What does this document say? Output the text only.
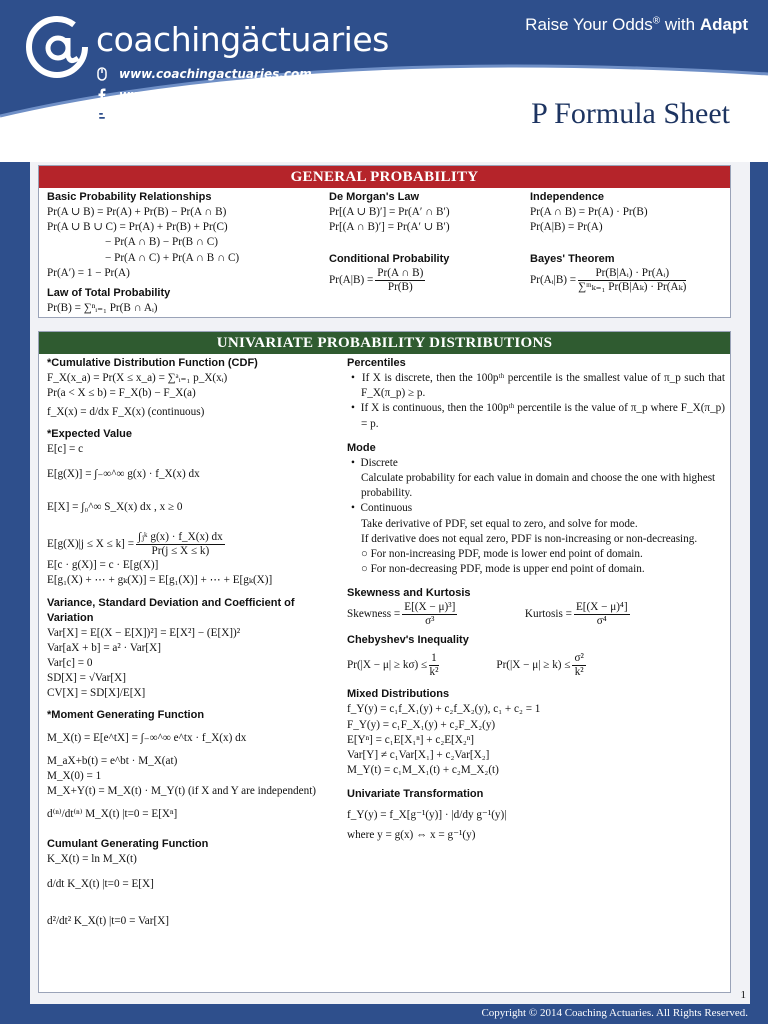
coachingäctuaries
www.coachingactuaries.com
www.facebook.com/coachingactuaries
blog.coachingactuaries.com
Raise Your Odds® with Adapt
P Formula Sheet
GENERAL PROBABILITY
Basic Probability Relationships
Pr(A ∪ B) = Pr(A) + Pr(B) − Pr(A ∩ B)
Pr(A ∪ B ∪ C) = Pr(A) + Pr(B) + Pr(C)
− Pr(A ∩ B) − Pr(B ∩ C)
− Pr(A ∩ C) + Pr(A ∩ B ∩ C)
Pr(A′) = 1 − Pr(A)
Law of Total Probability
Pr(B) = ∑ⁿᵢ₌₁ Pr(B ∩ Aᵢ)
De Morgan's Law
Pr[(A ∪ B)′] = Pr(A′ ∩ B′)
Pr[(A ∩ B)′] = Pr(A′ ∪ B′)
Conditional Probability
$Pr(A|B) = \frac{Pr(A \cap B)}{Pr(B)}$
Independence
Pr(A ∩ B) = Pr(A) · Pr(B)
Pr(A|B) = Pr(A)
Bayes' Theorem
Pr(Aᵢ|B) = $\frac{\text{Pr(B|Aᵢ) · Pr(Aᵢ)}}{\text{∑ᵐₖ₌₁ Pr(B|Aₖ) · Pr(Aₖ)}}$
UNIVARIATE PROBABILITY DISTRIBUTIONS
*Cumulative Distribution Function (CDF)
F_X(x_a) = Pr(X ≤ x_a) = ∑ᵃᵢ₌₁ p_X(xᵢ)
Pr(a < X ≤ b) = F_X(b) − F_X(a)
f_X(x) = d/dx F_X(x) (continuous)
*Expected Value
E[c] = c
E[g(X)] = ∫₋∞^∞ g(x) · f_X(x) dx
E[X] = ∫₀^∞ S_X(x) dx , x ≥ 0
$E[g(X)|j \le X \le k] = \frac{\text{∫ⱼᵏ g(x) · f\_X(x) dx}}{Pr(j \le X \le k)}$
E[c · g(X)] = c · E[g(X)]
E[g₁(X) + ⋯ + gₖ(X)] = E[g₁(X)] + ⋯ + E[gₖ(X)]
Variance, Standard Deviation and Coefficient of Variation
Var[X] = E[(X − E[X])²] = E[X²] − (E[X])²
Var[aX + b] = a² · Var[X]
Var[c] = 0
SD[X] = √Var[X]
CV[X] = SD[X]/E[X]
*Moment Generating Function
M_X(t) = E[e^tX] = ∫₋∞^∞ e^tx · f_X(x) dx
M_aX+b(t) = e^bt · M_X(at)
M_X(0) = 1
M_X+Y(t) = M_X(t) · M_Y(t) (if X and Y are independent)
d⁽ⁿ⁾/dt⁽ⁿ⁾ M_X(t) |t=0 = E[Xⁿ]
Cumulant Generating Function
K_X(t) = ln M_X(t)
d/dt K_X(t) |t=0 = E[X]
d²/dt² K_X(t) |t=0 = Var[X]
Percentiles
•  If X is discrete, then the 100pᵗʰ percentile is the smallest value of π_p such that F_X(π_p) ≥ p.
•  If X is continuous, then the 100pᵗʰ percentile is the value of π_p where F_X(π_p) = p.
Mode
•  Discrete
Calculate probability for each value in domain and choose the one with highest probability.
•  Continuous
Take derivative of PDF, set equal to zero, and solve for mode.
If derivative does not equal zero, PDF is non-increasing or non-decreasing.
○ For non-increasing PDF, mode is lower end point of domain.
○ For non-decreasing PDF, mode is upper end point of domain.
Skewness and Kurtosis
Skewness = $\frac{\text{E[(X − μ)³]}}{\text{σ³}}$	Kurtosis = $\frac{\text{E[(X − μ)⁴]}}{\text{σ⁴}}$
Chebyshev's Inequality
$Pr(|X - \mu| \ge k\sigma) \le \frac{1}{\text{k²}}$	$Pr(|X - \mu| \ge k) \le \frac{\text{σ²}}{\text{k²}}$
Mixed Distributions
f_Y(y) = c₁f_X₁(y) + c₂f_X₂(y), c₁ + c₂ = 1
F_Y(y) = c₁F_X₁(y) + c₂F_X₂(y)
E[Yⁿ] = c₁E[X₁ⁿ] + c₂E[X₂ⁿ]
Var[Y] ≠ c₁Var[X₁] + c₂Var[X₂]
M_Y(t) = c₁M_X₁(t) + c₂M_X₂(t)
Univariate Transformation
f_Y(y) = f_X[g⁻¹(y)] · |d/dy g⁻¹(y)|
where y = g(x) ⇔ x = g⁻¹(y)
1
Copyright © 2014 Coaching Actuaries. All Rights Reserved.
